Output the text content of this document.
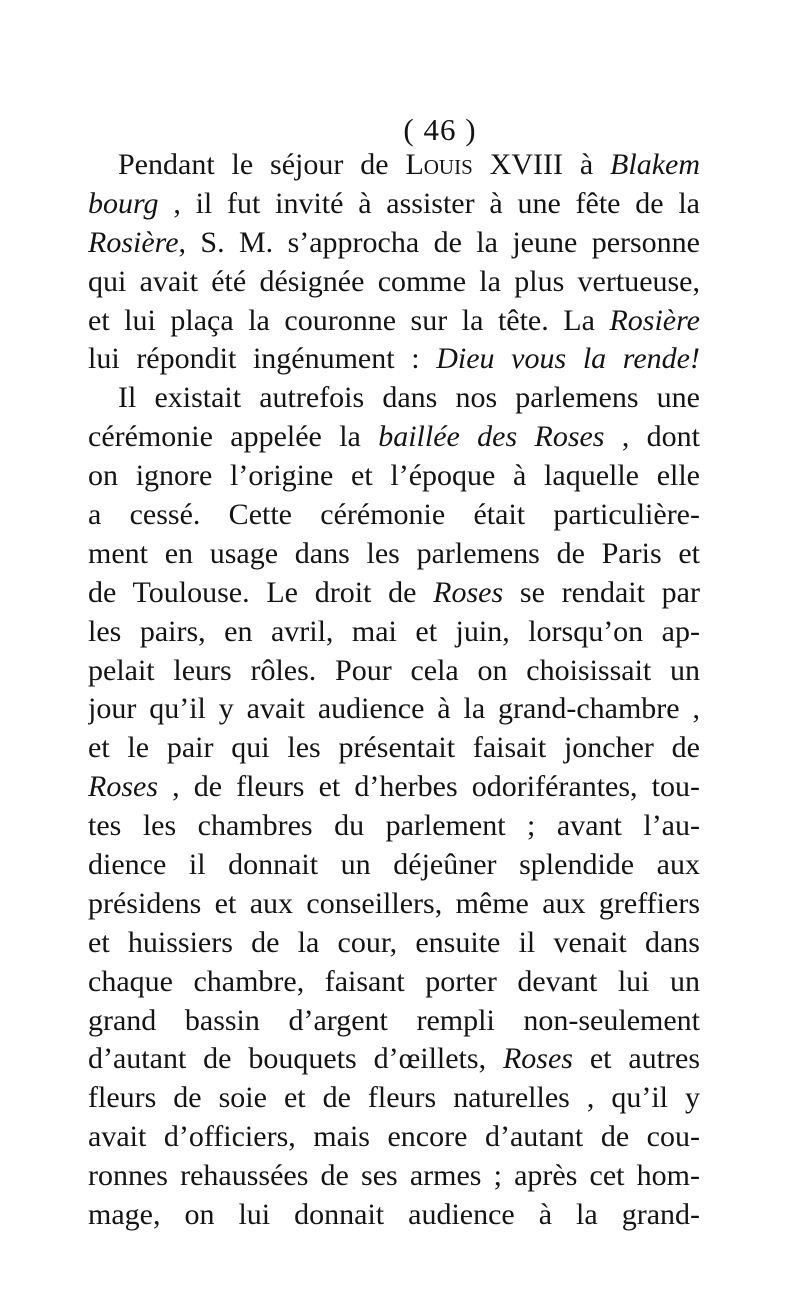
( 46 )
Pendant le séjour de Louis XVIII à Blakem
bourg , il fut invité à assister à une fête de la
Rosière, S. M. s’approcha de la jeune personne
qui avait été désignée comme la plus vertueuse,
et lui plaça la couronne sur la tête. La Rosière
lui répondit ingénument : Dieu vous la rende!
Il existait autrefois dans nos parlemens une
cérémonie appelée la baillée des Roses , dont
on ignore l’origine et l’époque à laquelle elle
a cessé. Cette cérémonie était particulière-
ment en usage dans les parlemens de Paris et
de Toulouse. Le droit de Roses se rendait par
les pairs, en avril, mai et juin, lorsqu’on ap-
pelait leurs rôles. Pour cela on choisissait un
jour qu’il y avait audience à la grand-chambre ,
et le pair qui les présentait faisait joncher de
Roses , de fleurs et d’herbes odoriférantes, tou-
tes les chambres du parlement ; avant l’au-
dience il donnait un déjeûner splendide aux
présidens et aux conseillers, même aux greffiers
et huissiers de la cour, ensuite il venait dans
chaque chambre, faisant porter devant lui un
grand bassin d’argent rempli non-seulement
d’autant de bouquets d’œillets, Roses et autres
fleurs de soie et de fleurs naturelles , qu’il y
avait d’officiers, mais encore d’autant de cou-
ronnes rehaussées de ses armes ; après cet hom-
mage, on lui donnait audience à la grand-
